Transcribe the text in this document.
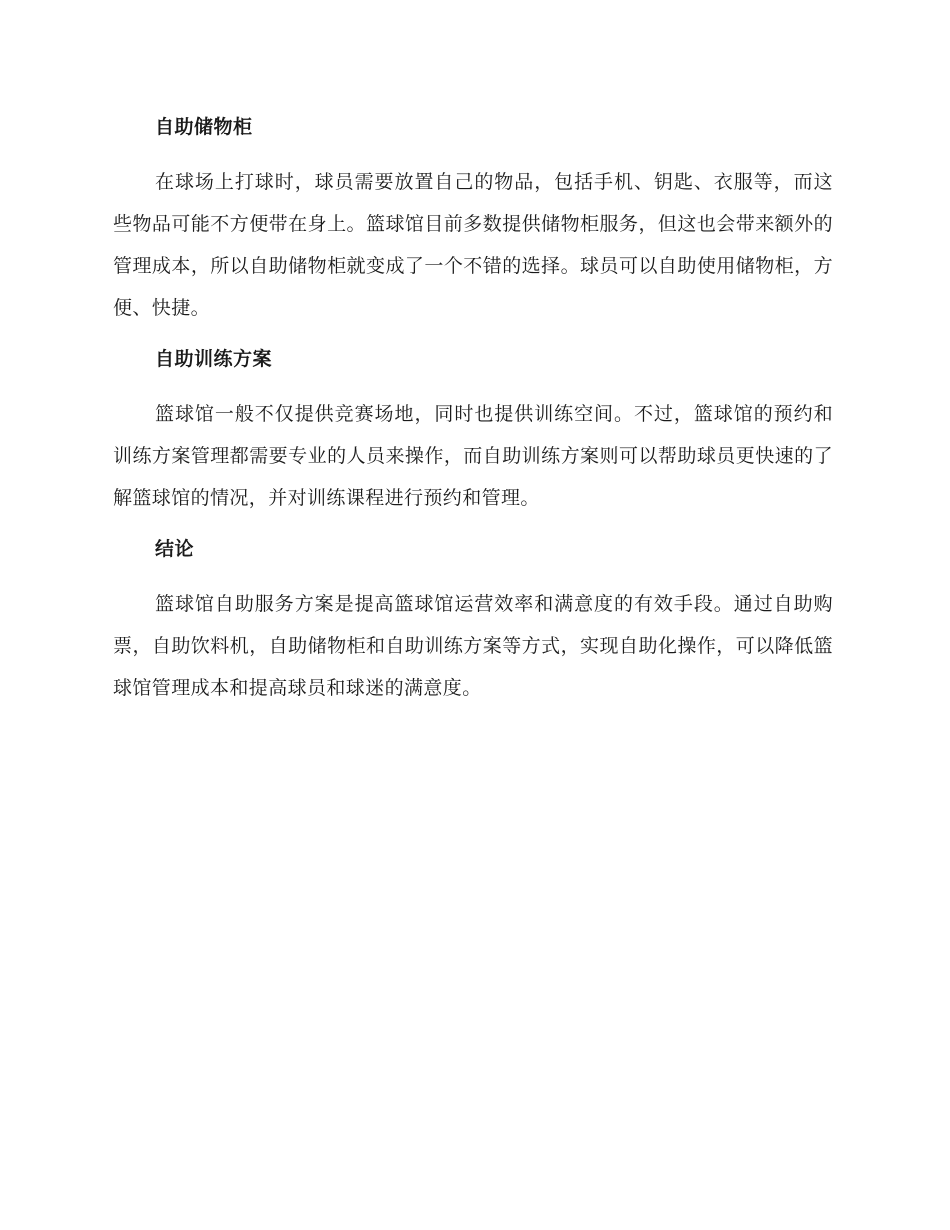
自助储物柜

在球场上打球时，球员需要放置自己的物品，包括手机、钥匙、衣服等，而这些物品可能不方便带在身上。篮球馆目前多数提供储物柜服务，但这也会带来额外的管理成本，所以自助储物柜就变成了一个不错的选择。球员可以自助使用储物柜，方便、快捷。

自助训练方案

篮球馆一般不仅提供竞赛场地，同时也提供训练空间。不过，篮球馆的预约和训练方案管理都需要专业的人员来操作，而自助训练方案则可以帮助球员更快速的了解篮球馆的情况，并对训练课程进行预约和管理。

结论

篮球馆自助服务方案是提高篮球馆运营效率和满意度的有效手段。通过自助购票，自助饮料机，自助储物柜和自助训练方案等方式，实现自助化操作，可以降低篮球馆管理成本和提高球员和球迷的满意度。
